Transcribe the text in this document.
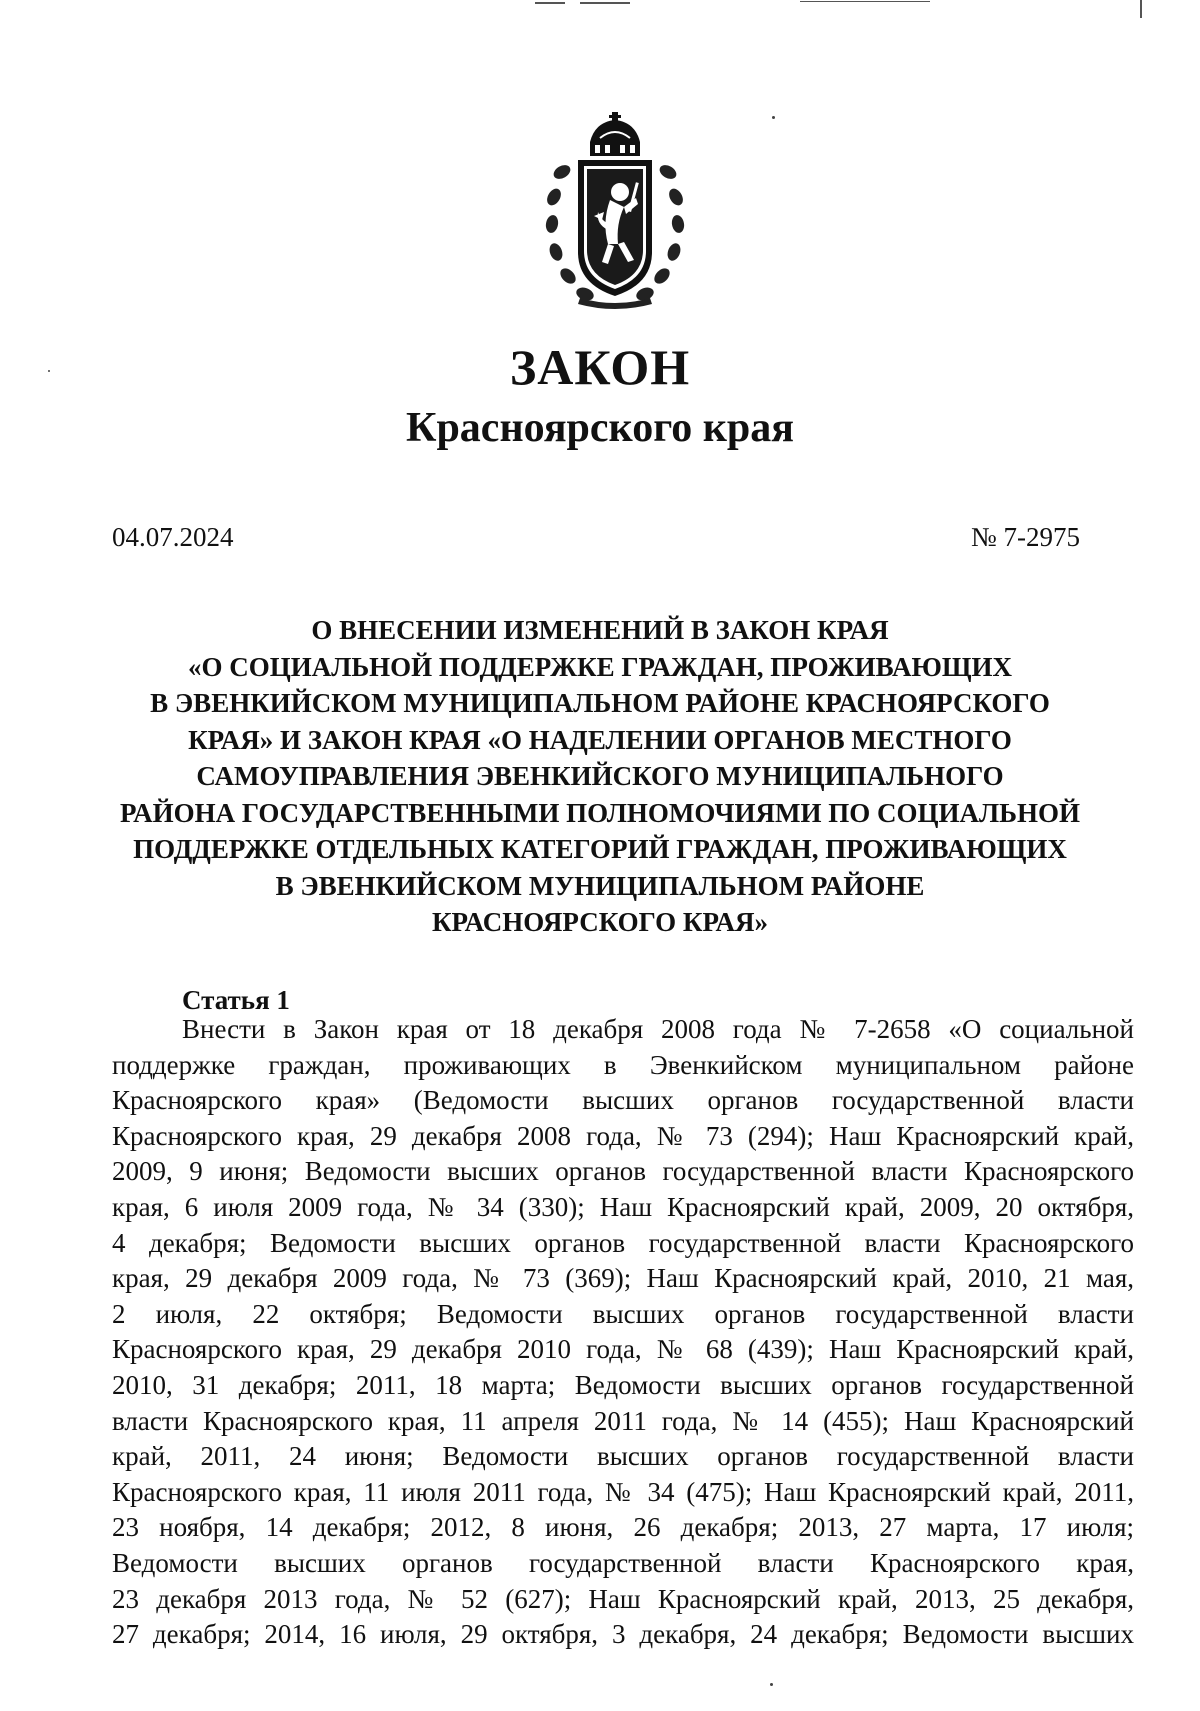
ЗАКОН
Красноярского края
04.07.2024	№ 7-2975
О ВНЕСЕНИИ ИЗМЕНЕНИЙ В ЗАКОН КРАЯ
«О СОЦИАЛЬНОЙ ПОДДЕРЖКЕ ГРАЖДАН, ПРОЖИВАЮЩИХ
В ЭВЕНКИЙСКОМ МУНИЦИПАЛЬНОМ РАЙОНЕ КРАСНОЯРСКОГО
КРАЯ» И ЗАКОН КРАЯ «О НАДЕЛЕНИИ ОРГАНОВ МЕСТНОГО
САМОУПРАВЛЕНИЯ ЭВЕНКИЙСКОГО МУНИЦИПАЛЬНОГО
РАЙОНА ГОСУДАРСТВЕННЫМИ ПОЛНОМОЧИЯМИ ПО СОЦИАЛЬНОЙ
ПОДДЕРЖКЕ ОТДЕЛЬНЫХ КАТЕГОРИЙ ГРАЖДАН, ПРОЖИВАЮЩИХ
В ЭВЕНКИЙСКОМ МУНИЦИПАЛЬНОМ РАЙОНЕ
КРАСНОЯРСКОГО КРАЯ»
Статья 1
Внести в Закон края от 18 декабря 2008 года № 7-2658 «О социальной
поддержке граждан, проживающих в Эвенкийском муниципальном районе
Красноярского края» (Ведомости высших органов государственной власти
Красноярского края, 29 декабря 2008 года, № 73 (294); Наш Красноярский край,
2009, 9 июня; Ведомости высших органов государственной власти Красноярского
края, 6 июля 2009 года, № 34 (330); Наш Красноярский край, 2009, 20 октября,
4 декабря; Ведомости высших органов государственной власти Красноярского
края, 29 декабря 2009 года, № 73 (369); Наш Красноярский край, 2010, 21 мая,
2 июля, 22 октября; Ведомости высших органов государственной власти
Красноярского края, 29 декабря 2010 года, № 68 (439); Наш Красноярский край,
2010, 31 декабря; 2011, 18 марта; Ведомости высших органов государственной
власти Красноярского края, 11 апреля 2011 года, № 14 (455); Наш Красноярский
край, 2011, 24 июня; Ведомости высших органов государственной власти
Красноярского края, 11 июля 2011 года, № 34 (475); Наш Красноярский край, 2011,
23 ноября, 14 декабря; 2012, 8 июня, 26 декабря; 2013, 27 марта, 17 июля;
Ведомости высших органов государственной власти Красноярского края,
23 декабря 2013 года, № 52 (627); Наш Красноярский край, 2013, 25 декабря,
27 декабря; 2014, 16 июля, 29 октября, 3 декабря, 24 декабря; Ведомости высших
